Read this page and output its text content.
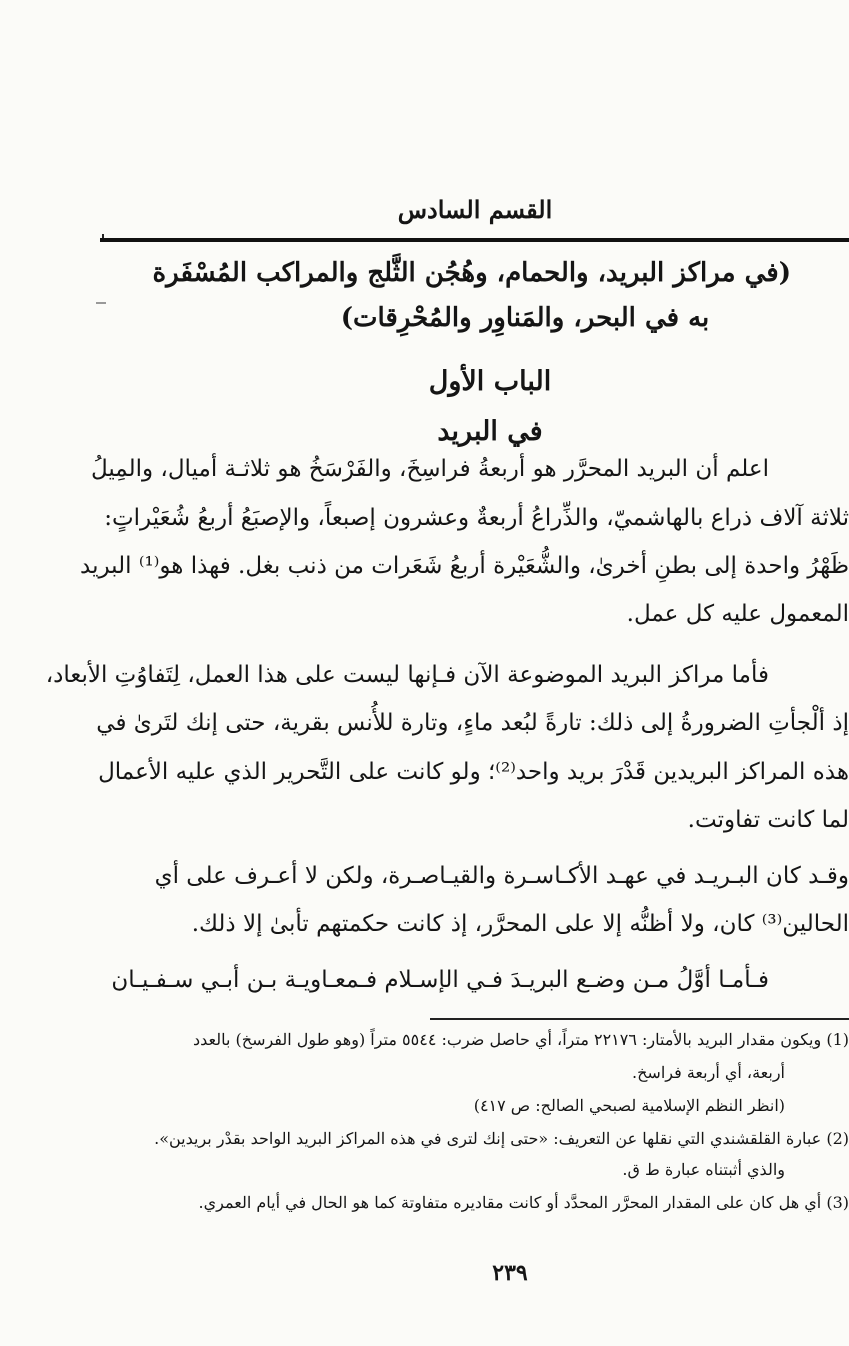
القسم السادس
(في مراكز البريد، والحمام، وهُجُن الثَّلج والمراكب المُسْفَرة
به في البحر، والمَناوِر والمُحْرِقات)
الباب الأول
في البريد
اعلم أن البريد المحرَّر هو أربعةُ فراسِخَ، والفَرْسَخُ هو ثلاثـة أميال، والمِيلُ
ثلاثة آلاف ذراع بالهاشميّ، والذِّراعُ أربعةٌ وعشرون إصبعاً، والإصبَعُ أربعُ شُعَيْراتٍ:
ظَهْرُ واحدة إلى بطنِ أخرىٰ، والشُّعَيْرة أربعُ شَعَرات من ذنب بغل. فهذا هو⁽¹⁾ البريد
المعمول عليه كل عمل.
فأما مراكز البريد الموضوعة الآن فـإنها ليست على هذا العمل، لِتَفاوُتِ الأبعاد،
إذ ألْجأتِ الضرورةُ إلى ذلك: تارةً لبُعد ماءٍ، وتارة للأُنس بقرية، حتى إنك لتَرىٰ في
هذه المراكز البريدين قَدْرَ بريد واحد⁽²⁾؛ ولو كانت على التَّحرير الذي عليه الأعمال
لما كانت تفاوتت.
وقـد كان البـريـد في عهـد الأكـاسـرة والقيـاصـرة، ولكن لا أعـرف على أي
الحالين⁽³⁾ كان، ولا أظنُّه إلا على المحرَّر، إذ كانت حكمتهم تأبىٰ إلا ذلك.
فـأمـا أوَّلُ مـن وضـع البريـدَ فـي الإسـلام فـمعـاويـة بـن أبـي سـفـيـان
(1) ويكون مقدار البريد بالأمتار: ٢٢١٧٦ متراً، أي حاصل ضرب: ٥٥٤٤ متراً (وهو طول الفرسخ) بالعدد
أربعة، أي أربعة فراسخ.
(انظر النظم الإسلامية لصبحي الصالح: ص ٤١٧)
(2) عبارة القلقشندي التي نقلها عن التعريف: «حتى إنك لترى في هذه المراكز البريد الواحد بقدْر بريدين».
والذي أثبتناه عبارة ط ق.
(3) أي هل كان على المقدار المحرَّر المحدَّد أو كانت مقاديره متفاوتة كما هو الحال في أيام العمري.
٢٣٩
